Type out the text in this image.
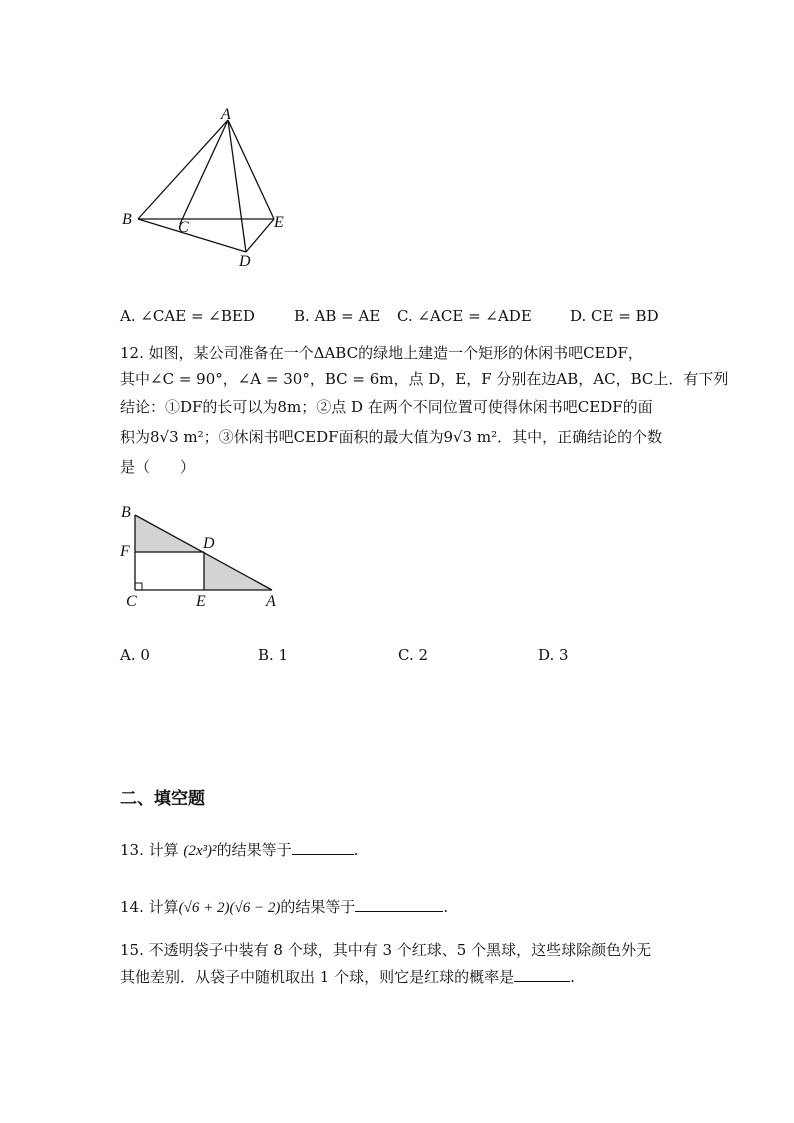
A
B	C
D
E
A. ∠CAE = ∠BED	B. AB = AE C. ∠ACE = ∠ADE	D. CE = BD
12. 如图，某公司准备在一个ΔABC的绿地上建造一个矩形的休闲书吧CEDF，
其中∠C = 90°，∠A = 30°，BC = 6m，点 D，E，F 分别在边AB，AC，BC上．有下列
结论：①DF的长可以为8m；②点 D 在两个不同位置可使得休闲书吧CEDF的面
积为8√3 m²；③休闲书吧CEDF面积的最大值为9√3 m²．其中，正确结论的个数
是（　　）
B
F
C
D
E	A
A. 0	B. 1	C. 2	D. 3
二、填空题
13. 计算 (2x³)²的结果等于	.
14. 计算(√6 + 2)(√6 − 2)的结果等于	.
15. 不透明袋子中装有 8 个球，其中有 3 个红球、5 个黑球，这些球除颜色外无
其他差别．从袋子中随机取出 1 个球，则它是红球的概率是	.
